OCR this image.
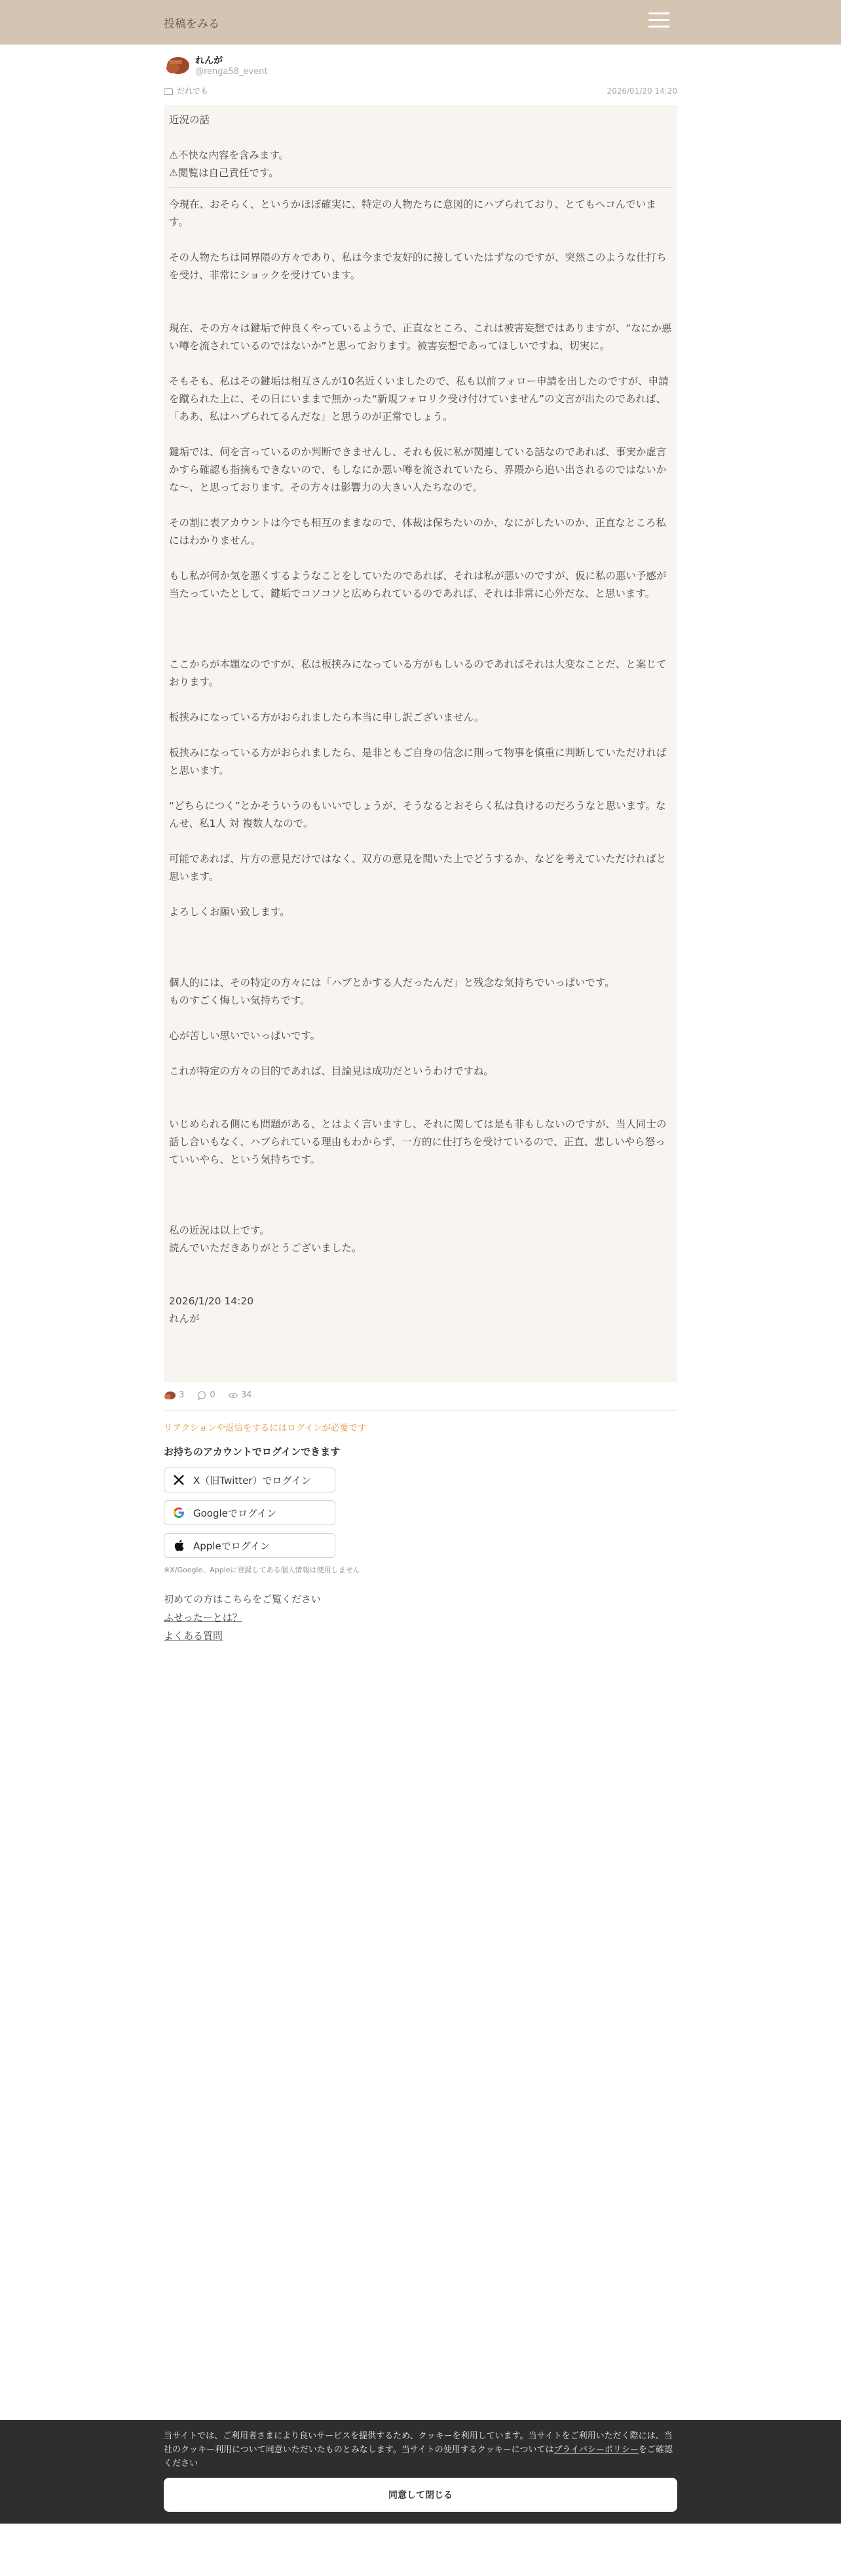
投稿をみる
れんが
@renga58_event
だれでも	2026/01/20 14:20
近況の話

⚠不快な内容を含みます。
⚠閲覧は自己責任です。

今現在、おそらく、というかほぼ確実に、特定の人物たちに意図的にハブられており、とてもへコんでいます。

その人物たちは同界隈の方々であり、私は今まで友好的に接していたはずなのですが、突然このような仕打ちを受け、非常にショックを受けています。

現在、その方々は鍵垢で仲良くやっているようで、正直なところ、これは被害妄想ではありますが、“なにか悪い噂を流されているのではないか”と思っております。被害妄想であってほしいですね、切実に。

そもそも、私はその鍵垢は相互さんが10名近くいましたので、私も以前フォロー申請を出したのですが、申請を蹴られた上に、その日にいままで無かった“新規フォロリク受け付けていません”の文言が出たのであれば、「ああ、私はハブられてるんだな」と思うのが正常でしょう。

鍵垢では、何を言っているのか判断できませんし、それも仮に私が関連している話なのであれば、事実か虚言かすら確認も指摘もできないので、もしなにか悪い噂を流されていたら、界隈から追い出されるのではないかな〜、と思っております。その方々は影響力の大きい人たちなので。

その割に表アカウントは今でも相互のままなので、体裁は保ちたいのか、なにがしたいのか、正直なところ私にはわかりません。

もし私が何か気を悪くするようなことをしていたのであれば、それは私が悪いのですが、仮に私の悪い予感が当たっていたとして、鍵垢でコソコソと広められているのであれば、それは非常に心外だな、と思います。

ここからが本題なのですが、私は板挟みになっている方がもしいるのであればそれは大変なことだ、と案じております。

板挟みになっている方がおられましたら本当に申し訳ございません。

板挟みになっている方がおられましたら、是非ともご自身の信念に則って物事を慎重に判断していただければと思います。

“どちらにつく”とかそういうのもいいでしょうが、そうなるとおそらく私は負けるのだろうなと思います。なんせ、私1人 対 複数人なので。

可能であれば、片方の意見だけではなく、双方の意見を聞いた上でどうするか、などを考えていただければと思います。

よろしくお願い致します。

個人的には、その特定の方々には「ハブとかする人だったんだ」と残念な気持ちでいっぱいです。
ものすごく悔しい気持ちです。

心が苦しい思いでいっぱいです。

これが特定の方々の目的であれば、目論見は成功だというわけですね。

いじめられる側にも問題がある、とはよく言いますし、それに関しては是も非もしないのですが、当人同士の話し合いもなく、ハブられている理由もわからず、一方的に仕打ちを受けているので、正直、悲しいやら怒っていいやら、という気持ちです。

私の近況は以上です。
読んでいただきありがとうございました。

2026/1/20 14:20
れんが
3
	0
	34
リアクションや返信をするにはログインが必要です
お持ちのアカウントでログインできます
X（旧Twitter）でログイン
Googleでログイン
Appleでログイン
※X/Google、Appleに登録してある個人情報は使用しません
初めての方はこちらをご覧ください
ふせったーとは？
よくある質問
当サイトでは、ご利用者さまにより良いサービスを提供するため、クッキーを利用しています。当サイトをご利用いただく際には、当社のクッキー利用について同意いただいたものとみなします。当サイトの使用するクッキーについてはプライバシーポリシーをご確認ください
同意して閉じる
